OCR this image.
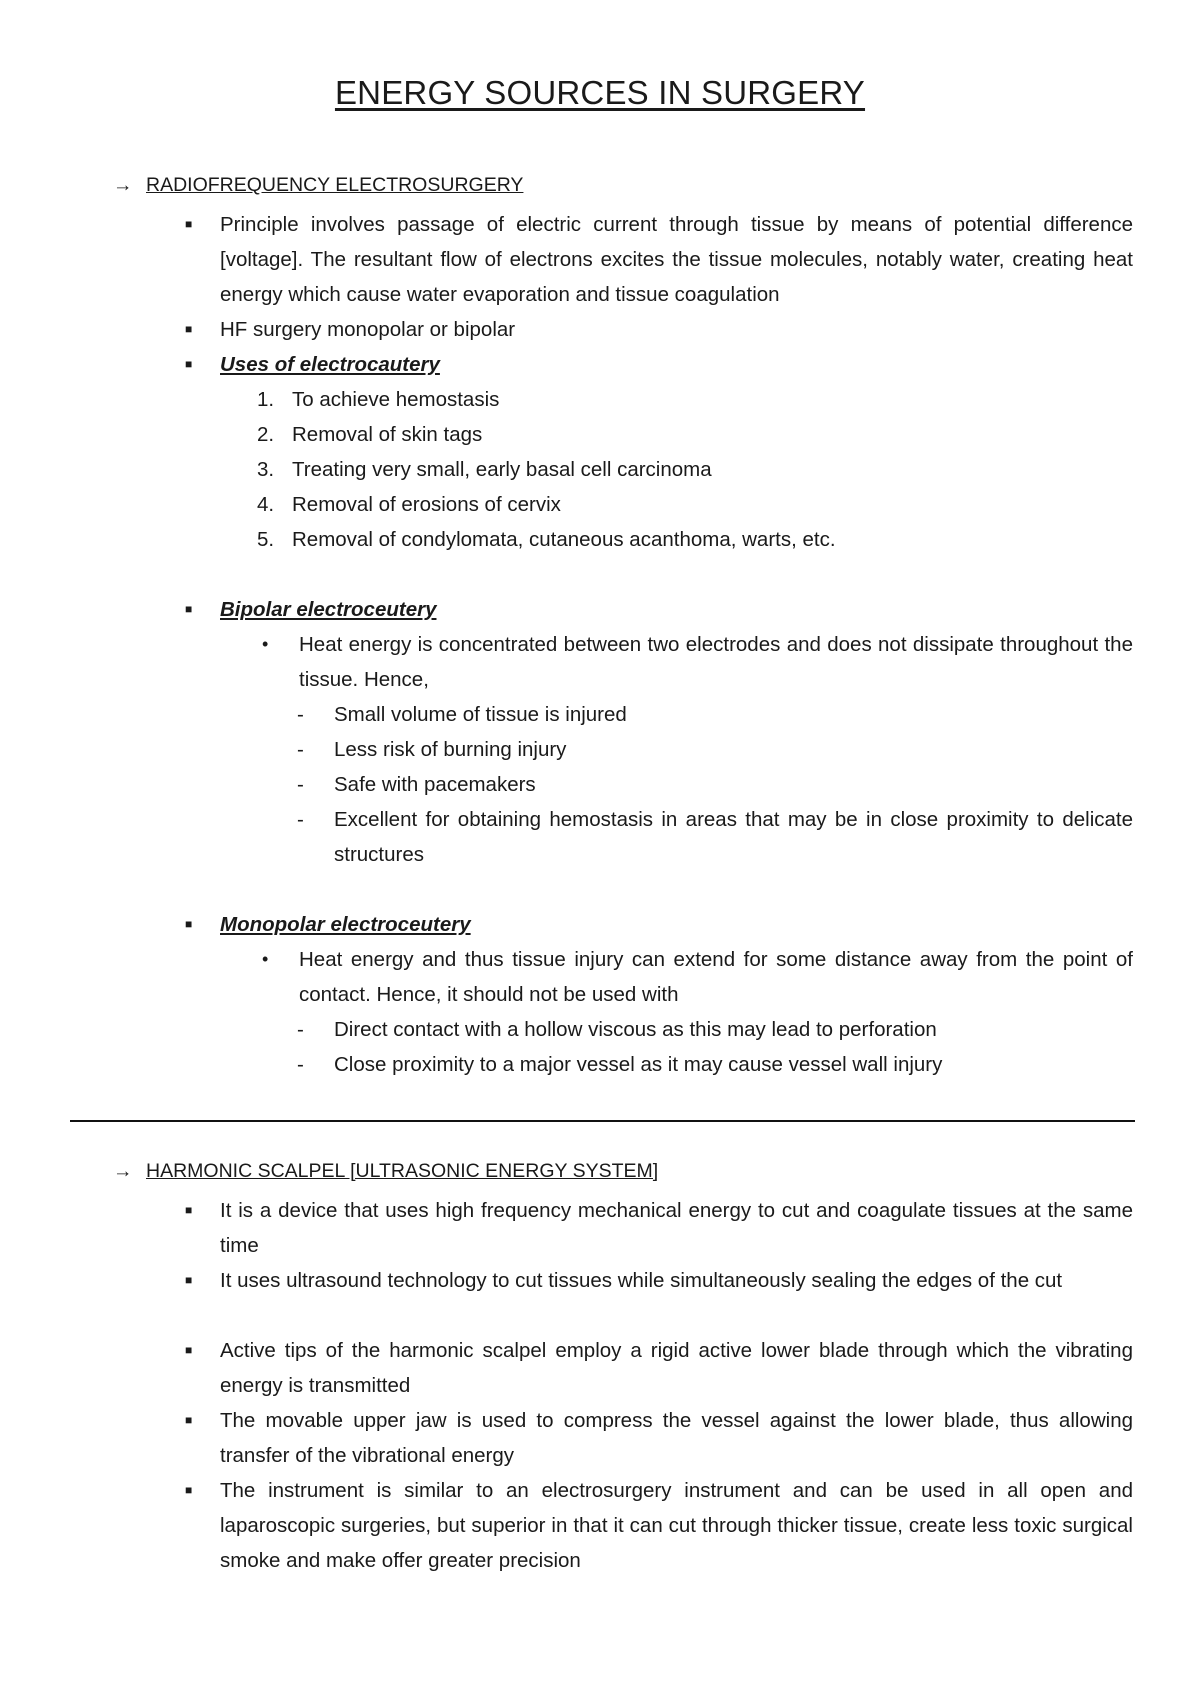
ENERGY SOURCES IN SURGERY
→ RADIOFREQUENCY ELECTROSURGERY
■ Principle involves passage of electric current through tissue by means of potential difference [voltage]. The resultant flow of electrons excites the tissue molecules, notably water, creating heat energy which cause water evaporation and tissue coagulation
■ HF surgery monopolar or bipolar
■ Uses of electrocautery
1. To achieve hemostasis
2. Removal of skin tags
3. Treating very small, early basal cell carcinoma
4. Removal of erosions of cervix
5. Removal of condylomata, cutaneous acanthoma, warts, etc.
■ Bipolar electroceutery
•	Heat energy is concentrated between two electrodes and does not dissipate throughout the tissue. Hence,
-	Small volume of tissue is injured
-	Less risk of burning injury
-	Safe with pacemakers
-	Excellent for obtaining hemostasis in areas that may be in close proximity to delicate structures
■ Monopolar electroceutery
•	Heat energy and thus tissue injury can extend for some distance away from the point of contact. Hence, it should not be used with
-	Direct contact with a hollow viscous as this may lead to perforation
-	Close proximity to a major vessel as it may cause vessel wall injury
→ HARMONIC SCALPEL [ULTRASONIC ENERGY SYSTEM]
■ It is a device that uses high frequency mechanical energy to cut and coagulate tissues at the same time
■ It uses ultrasound technology to cut tissues while simultaneously sealing the edges of the cut
■ Active tips of the harmonic scalpel employ a rigid active lower blade through which the vibrating energy is transmitted
■ The movable upper jaw is used to compress the vessel against the lower blade, thus allowing transfer of the vibrational energy
■ The instrument is similar to an electrosurgery instrument and can be used in all open and laparoscopic surgeries, but superior in that it can cut through thicker tissue, create less toxic surgical smoke and make offer greater precision
